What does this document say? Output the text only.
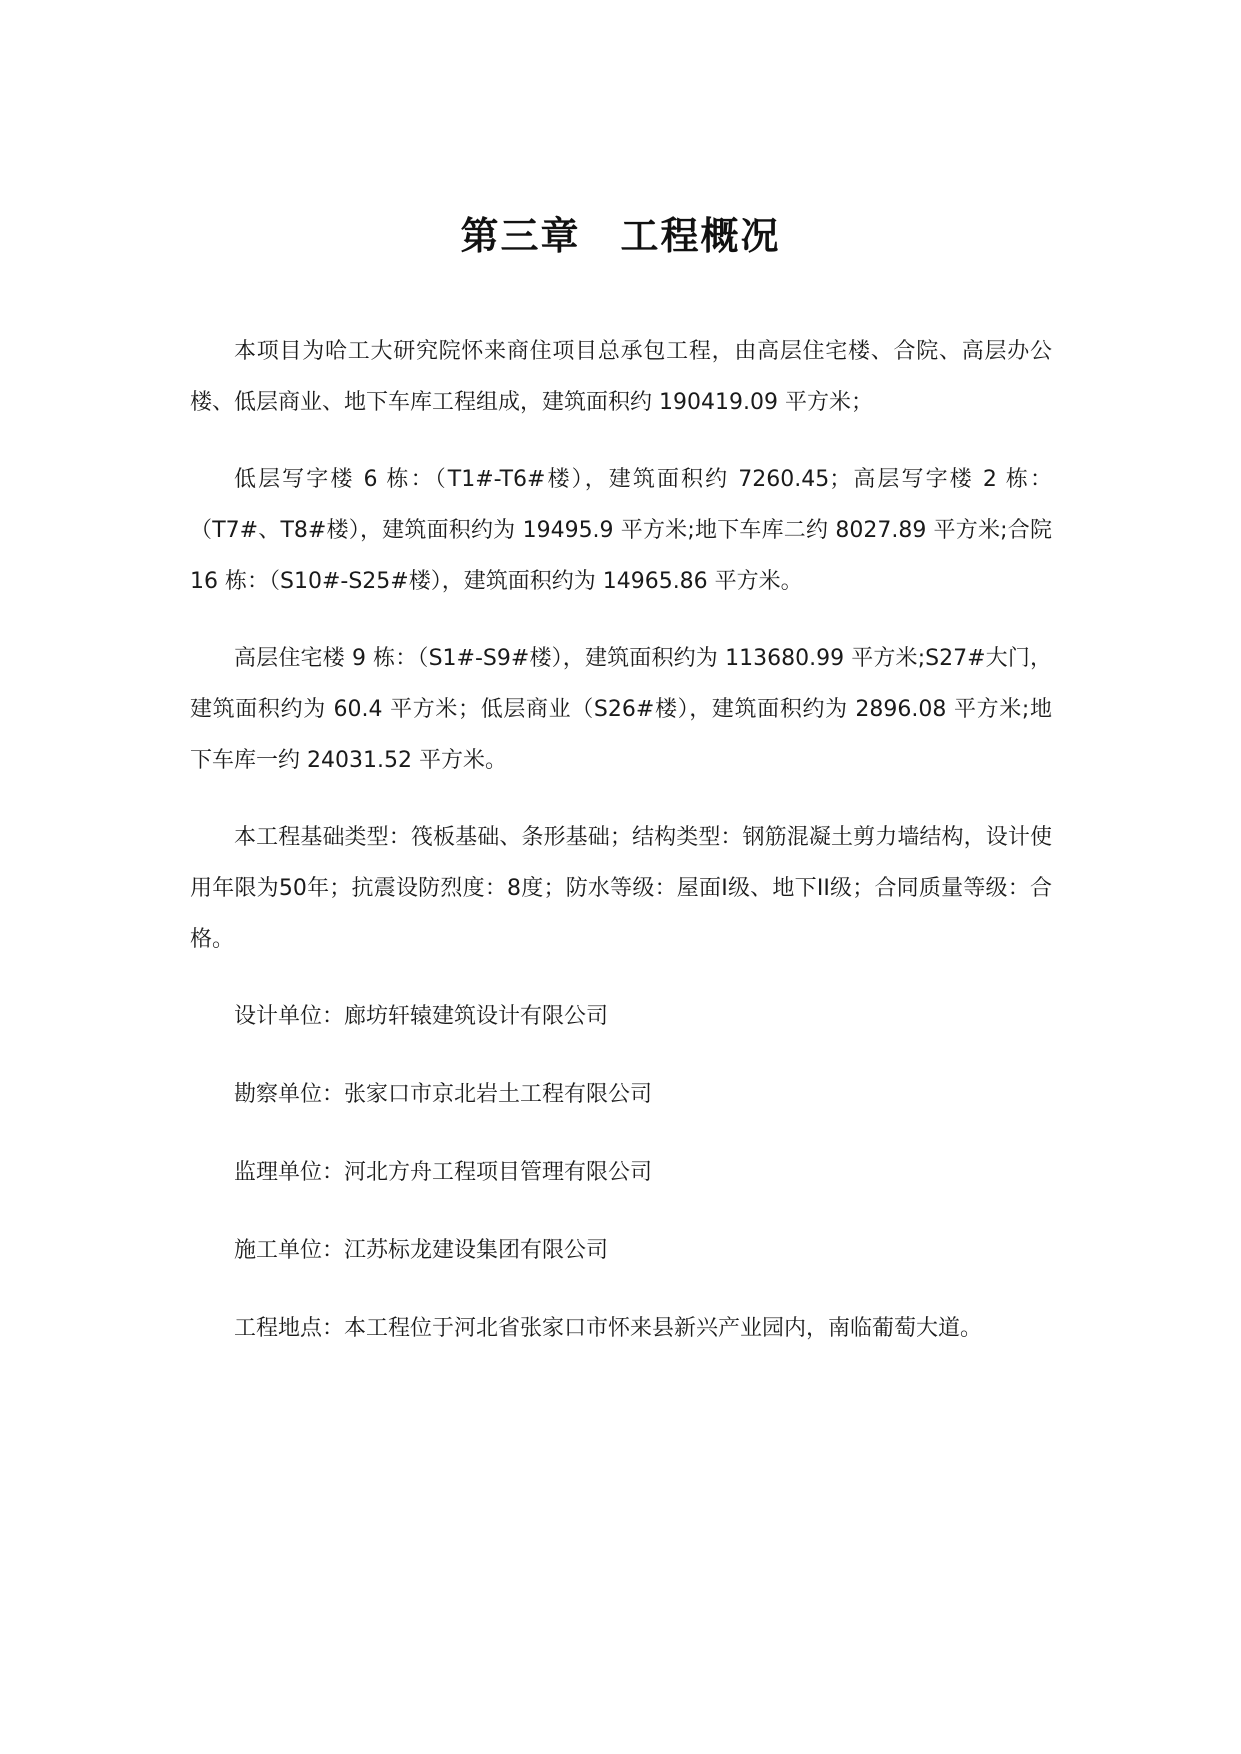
第三章　工程概况

本项目为哈工大研究院怀来商住项目总承包工程，由高层住宅楼、合院、高层办公楼、低层商业、地下车库工程组成，建筑面积约 190419.09 平方米；

低层写字楼 6 栋：（T1#-T6#楼），建筑面积约 7260.45；高层写字楼 2 栋：（T7#、T8#楼），建筑面积约为 19495.9 平方米;地下车库二约 8027.89 平方米;合院 16 栋：（S10#-S25#楼），建筑面积约为 14965.86 平方米。

高层住宅楼 9 栋：（S1#-S9#楼），建筑面积约为 113680.99 平方米;S27#大门，建筑面积约为 60.4 平方米；低层商业（S26#楼），建筑面积约为 2896.08 平方米;地下车库一约 24031.52 平方米。

本工程基础类型：筏板基础、条形基础；结构类型：钢筋混凝土剪力墙结构，设计使用年限为50年；抗震设防烈度：8度；防水等级：屋面I级、地下II级；合同质量等级：合格。

设计单位：廊坊轩辕建筑设计有限公司

勘察单位：张家口市京北岩土工程有限公司

监理单位：河北方舟工程项目管理有限公司

施工单位：江苏标龙建设集团有限公司

工程地点：本工程位于河北省张家口市怀来县新兴产业园内，南临葡萄大道。
